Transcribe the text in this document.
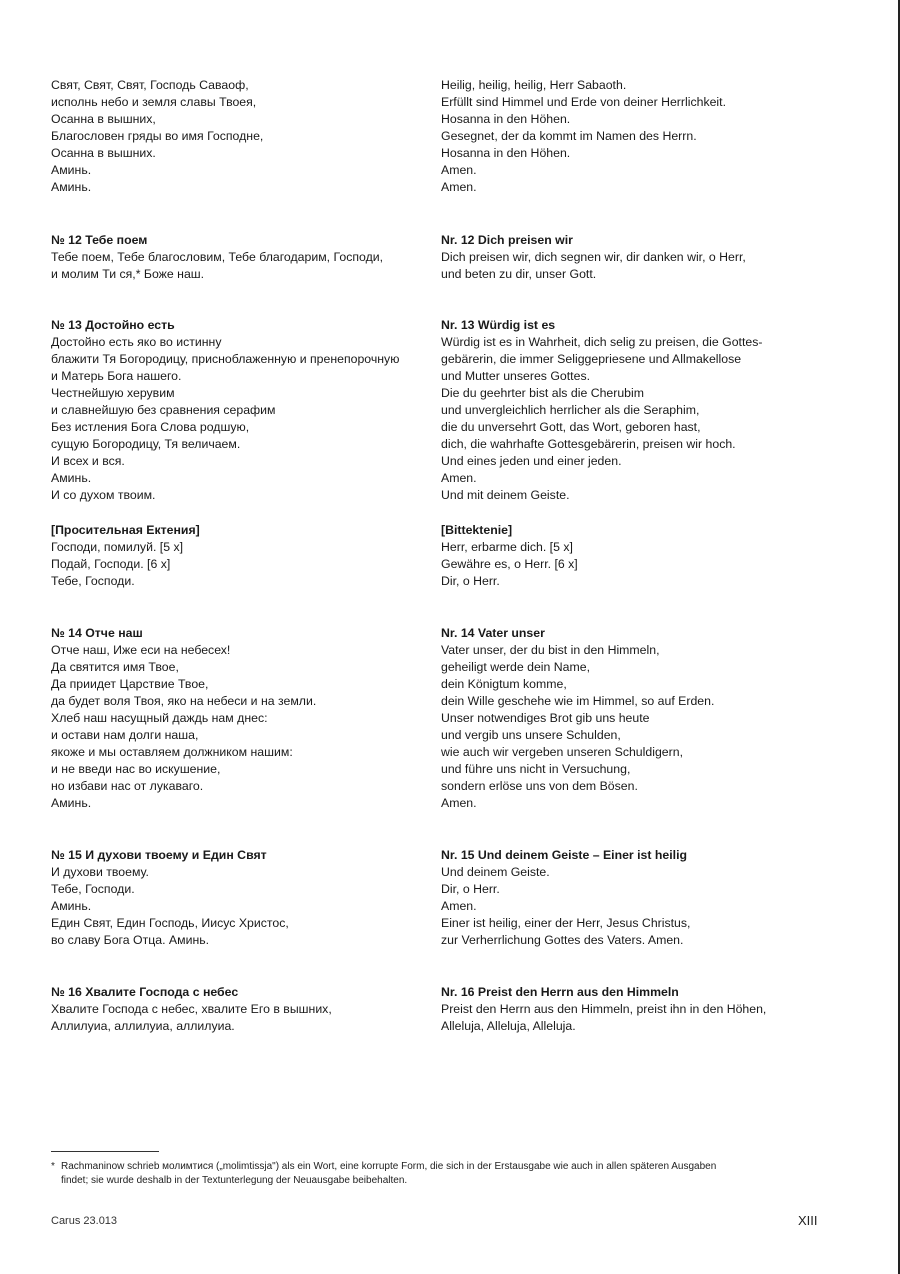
Свят, Свят, Свят, Господь Саваоф,
исполнь небо и земля славы Твоея,
Осанна в вышних,
Благословен гряды во имя Господне,
Осанна в вышних.
Аминь.
Аминь.
№ 12 Тебе поем
Тебе поем, Тебе благословим, Тебе благодарим, Господи,
и молим Ти ся,* Боже наш.
№ 13 Достойно есть
Достойно есть яко во истинну
блажити Тя Богородицу, присноблаженную и пренепорочную
и Матерь Бога нашего.
Честнейшую херувим
и славнейшую без сравнения серафим
Без истления Бога Слова родшую,
сущую Богородицу, Тя величаем.
И всех и вся.
Аминь.
И со духом твоим.
[Просительная Ектения]
Господи, помилуй. [5 x]
Подай, Господи. [6 x]
Тебе, Господи.
№ 14 Отче наш
Отче наш, Иже еси на небесех!
Да святится имя Твое,
Да приидет Царствие Твое,
да будет воля Твоя, яко на небеси и на земли.
Хлеб наш насущный даждь нам днес:
и остави нам долги наша,
якоже и мы оставляем должником нашим:
и не введи нас во искушение,
но избави нас от лукаваго.
Аминь.
№ 15 И духови твоему и Един Свят
И духови твоему.
Тебе, Господи.
Аминь.
Един Свят, Един Господь, Иисус Христос,
во славу Бога Отца. Аминь.
№ 16 Хвалите Господа с небес
Хвалите Господа с небес, хвалите Его в вышних,
Аллилуиа, аллилуиа, аллилуиа.
Heilig, heilig, heilig, Herr Sabaoth.
Erfüllt sind Himmel und Erde von deiner Herrlichkeit.
Hosanna in den Höhen.
Gesegnet, der da kommt im Namen des Herrn.
Hosanna in den Höhen.
Amen.
Amen.
Nr. 12 Dich preisen wir
Dich preisen wir, dich segnen wir, dir danken wir, o Herr,
und beten zu dir, unser Gott.
Nr. 13 Würdig ist es
Würdig ist es in Wahrheit, dich selig zu preisen, die Gottes-
gebärerin, die immer Seliggepriesene und Allmakellose
und Mutter unseres Gottes.
Die du geehrter bist als die Cherubim
und unvergleichlich herrlicher als die Seraphim,
die du unversehrt Gott, das Wort, geboren hast,
dich, die wahrhafte Gottesgebärerin, preisen wir hoch.
Und eines jeden und einer jeden.
Amen.
Und mit deinem Geiste.
[Bittektenie]
Herr, erbarme dich. [5 x]
Gewähre es, o Herr. [6 x]
Dir, o Herr.
Nr. 14 Vater unser
Vater unser, der du bist in den Himmeln,
geheiligt werde dein Name,
dein Königtum komme,
dein Wille geschehe wie im Himmel, so auf Erden.
Unser notwendiges Brot gib uns heute
und vergib uns unsere Schulden,
wie auch wir vergeben unseren Schuldigern,
und führe uns nicht in Versuchung,
sondern erlöse uns von dem Bösen.
Amen.
Nr. 15 Und deinem Geiste – Einer ist heilig
Und deinem Geiste.
Dir, o Herr.
Amen.
Einer ist heilig, einer der Herr, Jesus Christus,
zur Verherrlichung Gottes des Vaters. Amen.
Nr. 16 Preist den Herrn aus den Himmeln
Preist den Herrn aus den Himmeln, preist ihn in den Höhen,
Alleluja, Alleluja, Alleluja.
* Rachmaninow schrieb молимтися („molimtissja") als ein Wort, eine korrupte Form, die sich in der Erstausgabe wie auch in allen späteren Ausgaben
findet; sie wurde deshalb in der Textunterlegung der Neuausgabe beibehalten.
Carus 23.013	XIII
